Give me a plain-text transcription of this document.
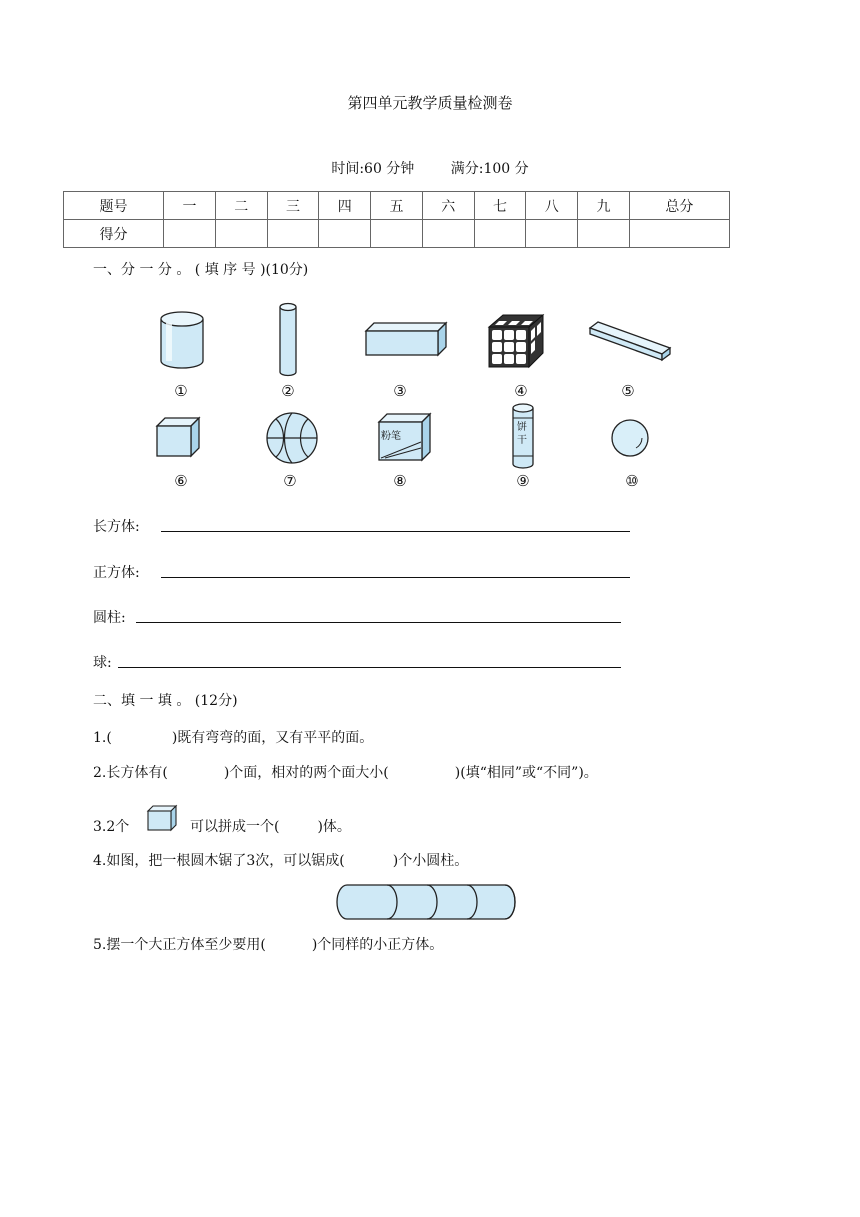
第四单元教学质量检测卷
时间:60 分钟	满分:100 分
题号	一	二	三	四	五	六	七	八	九	总分
得分										
一、分 一 分 。 ( 填 序 号 )(10分)
①	②	③	④	⑤
粉笔
饼干
⑥	⑦	⑧	⑨	⑩
长方体:
正方体:
圆柱:
球:
二、填 一 填 。 (12分)
1.(	)既有弯弯的面，又有平平的面。
2.长方体有(	)个面，相对的两个面大小(	)(填“相同”或“不同”)。
3.2个	可以拼成一个(	)体。
4.如图，把一根圆木锯了3次，可以锯成(	)个小圆柱。
5.摆一个大正方体至少要用(	)个同样的小正方体。
